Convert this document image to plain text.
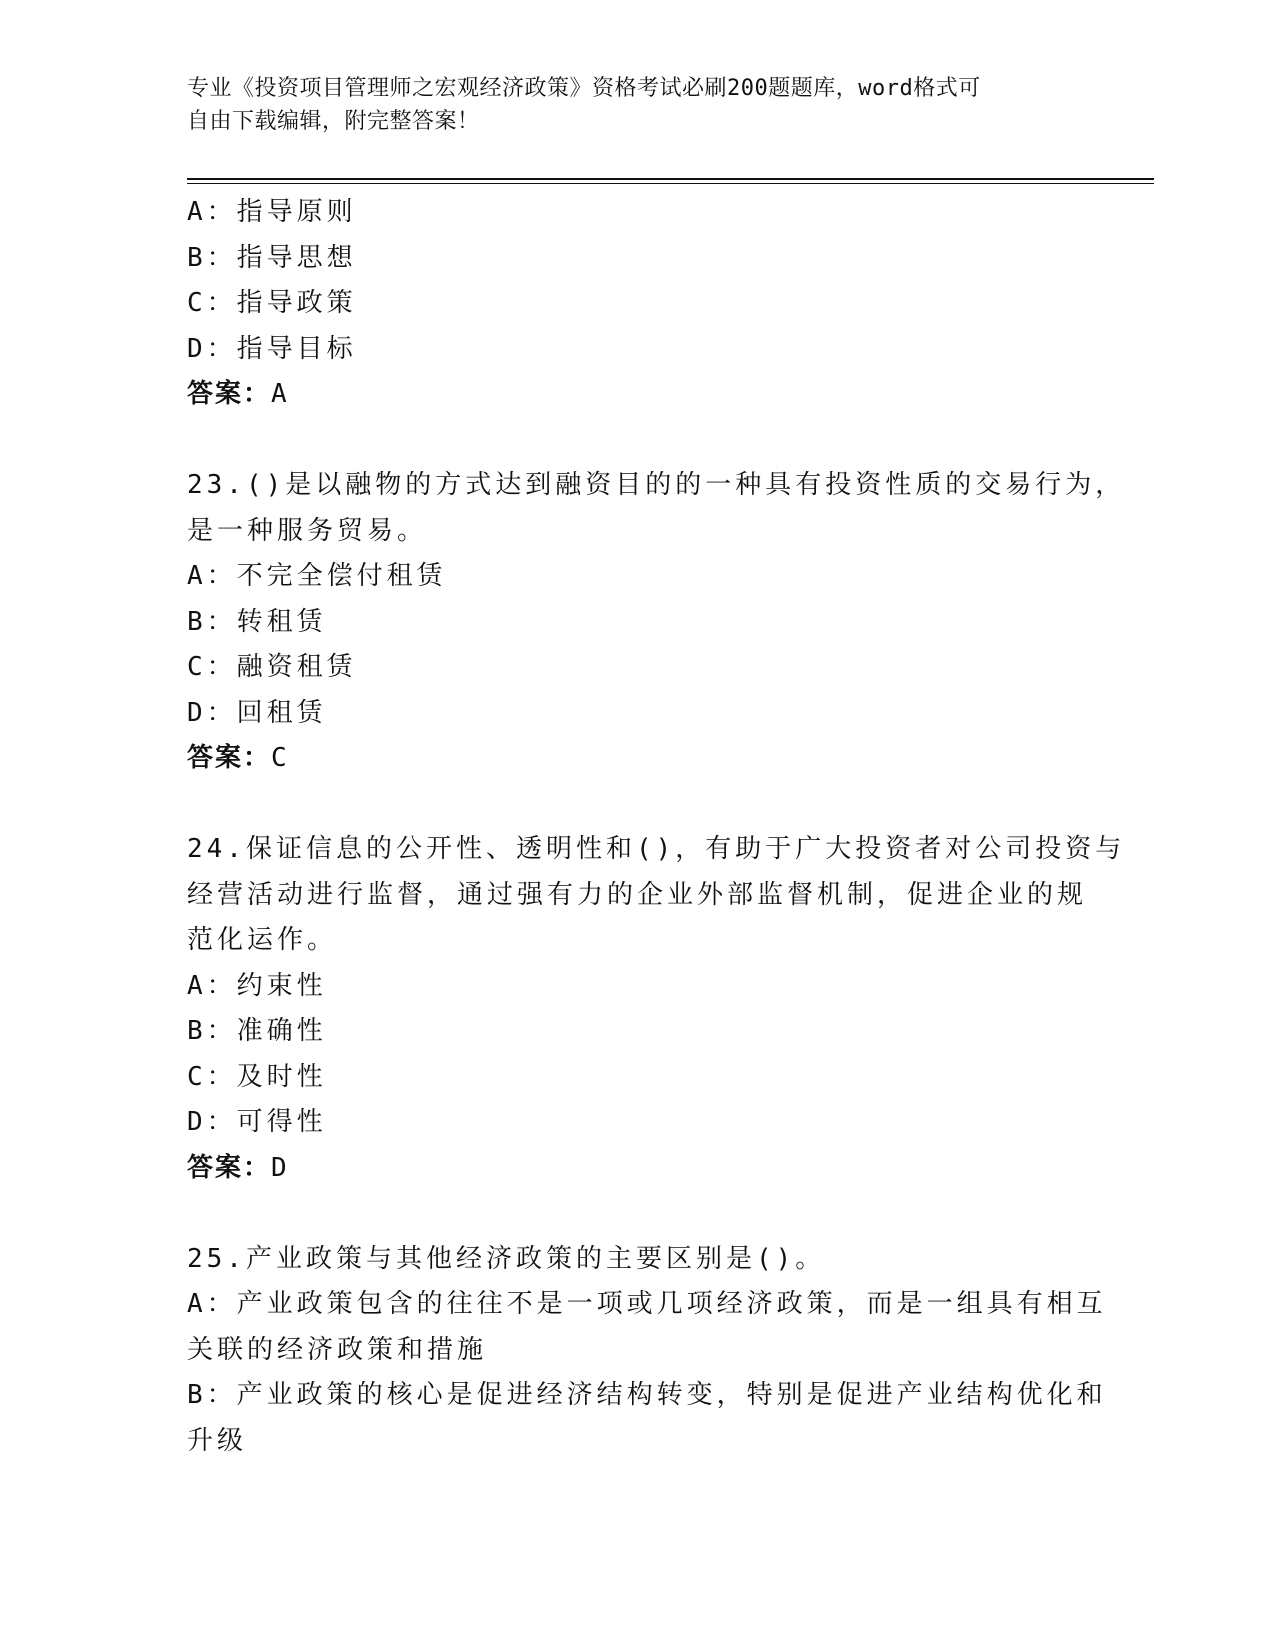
专业《投资项目管理师之宏观经济政策》资格考试必刷200题题库，word格式可
自由下载编辑，附完整答案！
A：指导原则
B：指导思想
C：指导政策
D：指导目标
答案：A
23.()是以融物的方式达到融资目的的一种具有投资性质的交易行为，
是一种服务贸易。
A：不完全偿付租赁
B：转租赁
C：融资租赁
D：回租赁
答案：C
24.保证信息的公开性、透明性和()，有助于广大投资者对公司投资与
经营活动进行监督，通过强有力的企业外部监督机制，促进企业的规
范化运作。
A：约束性
B：准确性
C：及时性
D：可得性
答案：D
25.产业政策与其他经济政策的主要区别是()。
A：产业政策包含的往往不是一项或几项经济政策，而是一组具有相互
关联的经济政策和措施
B：产业政策的核心是促进经济结构转变，特别是促进产业结构优化和
升级
